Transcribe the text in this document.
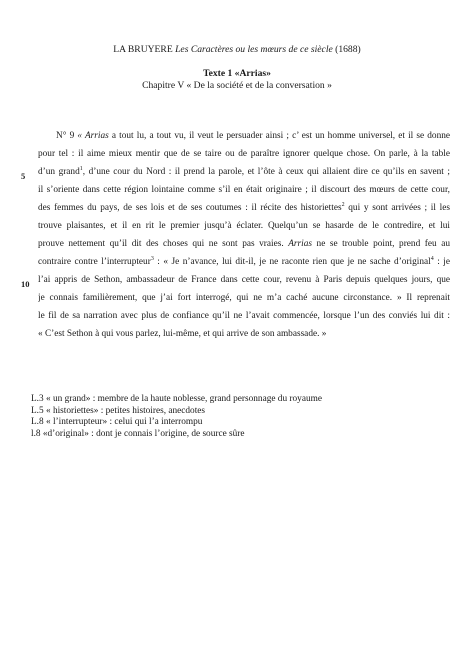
LA BRUYERE Les Caractères ou les mœurs de ce siècle (1688)
Texte 1 «Arrias»
Chapitre V « De la société et de la conversation »
5
10
N° 9 « Arrias a tout lu, a tout vu, il veut le persuader ainsi ; c’ est un homme universel, et il se donne
pour tel : il aime mieux mentir que de se taire ou de paraître ignorer quelque chose. On parle, à la table
d’un grand$^1$, d’une cour du Nord : il prend la parole, et l’ôte à ceux qui allaient dire ce qu’ils en savent ;
il s’oriente dans cette région lointaine comme s’il en était originaire ; il discourt des mœurs de cette cour,
des femmes du pays, de ses lois et de ses coutumes : il récite des historiettes$^2$ qui y sont arrivées ; il les
trouve plaisantes, et il en rit le premier jusqu’à éclater. Quelqu’un se hasarde de le contredire, et lui
prouve nettement qu’il dit des choses qui ne sont pas vraies. Arrias ne se trouble point, prend feu au
contraire contre l’interrupteur$^3$ : « Je n’avance, lui dit-il, je ne raconte rien que je ne sache d’original$^4$ : je
l’ai appris de Sethon, ambassadeur de France dans cette cour, revenu à Paris depuis quelques jours, que
je connais familièrement, que j’ai fort interrogé, qui ne m’a caché aucune circonstance. » Il reprenait
le fil de sa narration avec plus de confiance qu’il ne l’avait commencée, lorsque l’un des conviés lui dit :
« C’est Sethon à qui vous parlez, lui-même, et qui arrive de son ambassade. »
L.3 « un grand» : membre de la haute noblesse, grand personnage du royaume
L.5 « historiettes» : petites histoires, anecdotes
L.8 « l’interrupteur» : celui qui l’a interrompu
l.8 «d’original» : dont je connais l’origine, de source sûre
